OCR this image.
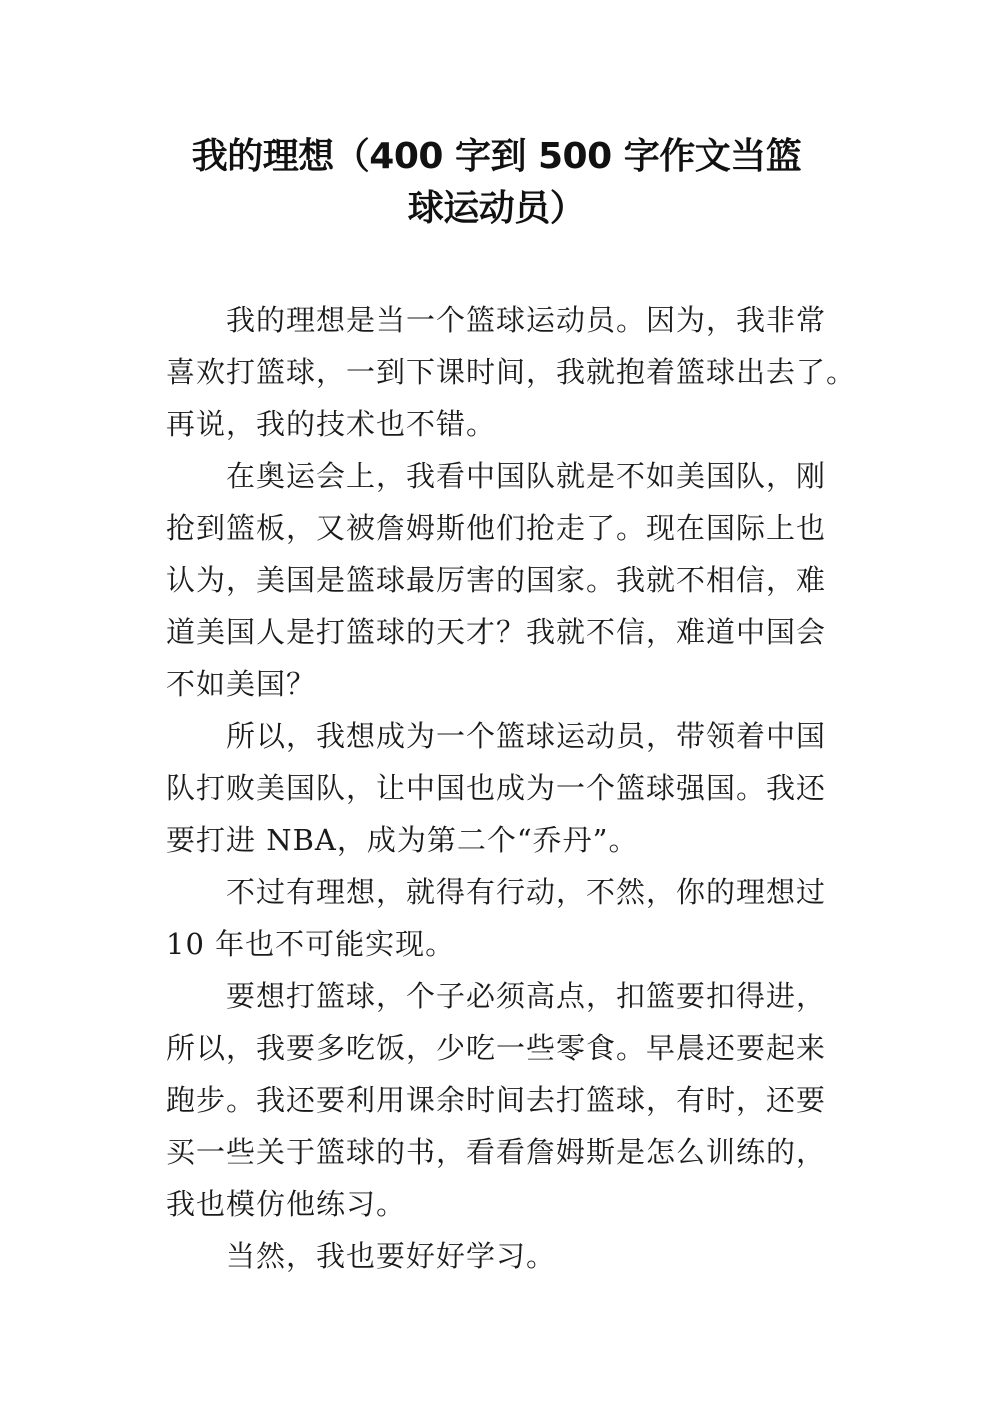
我的理想（400 字到 500 字作文当篮
球运动员）
我的理想是当一个篮球运动员。因为，我非常
喜欢打篮球，一到下课时间，我就抱着篮球出去了。
再说，我的技术也不错。
在奥运会上，我看中国队就是不如美国队，刚
抢到篮板，又被詹姆斯他们抢走了。现在国际上也
认为，美国是篮球最厉害的国家。我就不相信，难
道美国人是打篮球的天才？我就不信，难道中国会
不如美国？
所以，我想成为一个篮球运动员，带领着中国
队打败美国队，让中国也成为一个篮球强国。我还
要打进 NBA，成为第二个“乔丹”。
不过有理想，就得有行动，不然，你的理想过
10 年也不可能实现。
要想打篮球，个子必须高点，扣篮要扣得进，
所以，我要多吃饭，少吃一些零食。早晨还要起来
跑步。我还要利用课余时间去打篮球，有时，还要
买一些关于篮球的书，看看詹姆斯是怎么训练的，
我也模仿他练习。
当然，我也要好好学习。
